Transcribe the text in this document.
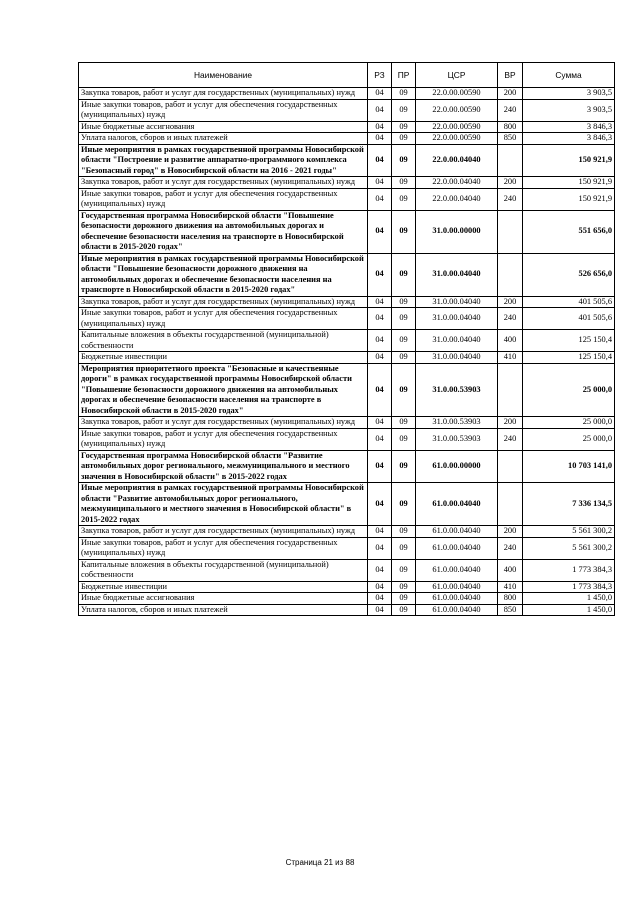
Наименование	РЗ	ПР	ЦСР	ВР	Сумма
Закупка товаров, работ и услуг для государственных (муниципальных) нужд	04	09	22.0.00.00590	200	3 903,5
Иные закупки товаров, работ и услуг для обеспечения государственных (муниципальных) нужд	04	09	22.0.00.00590	240	3 903,5
Иные бюджетные ассигнования	04	09	22.0.00.00590	800	3 846,3
Уплата налогов, сборов и иных платежей	04	09	22.0.00.00590	850	3 846,3
Иные мероприятия в рамках государственной программы Новосибирской области "Построение и развитие аппаратно-программного комплекса "Безопасный город" в Новосибирской области на 2016 - 2021 годы"	04	09	22.0.00.04040		150 921,9
Закупка товаров, работ и услуг для государственных (муниципальных) нужд	04	09	22.0.00.04040	200	150 921,9
Иные закупки товаров, работ и услуг для обеспечения государственных (муниципальных) нужд	04	09	22.0.00.04040	240	150 921,9
Государственная программа Новосибирской области "Повышение безопасности дорожного движения на автомобильных дорогах и обеспечение безопасности населения на транспорте в Новосибирской области в 2015-2020 годах"	04	09	31.0.00.00000		551 656,0
Иные мероприятия в рамках государственной программы Новосибирской области "Повышение безопасности дорожного движения на автомобильных дорогах и обеспечение безопасности населения на транспорте в Новосибирской области в 2015-2020 годах"	04	09	31.0.00.04040		526 656,0
Закупка товаров, работ и услуг для государственных (муниципальных) нужд	04	09	31.0.00.04040	200	401 505,6
Иные закупки товаров, работ и услуг для обеспечения государственных (муниципальных) нужд	04	09	31.0.00.04040	240	401 505,6
Капитальные вложения в объекты государственной (муниципальной) собственности	04	09	31.0.00.04040	400	125 150,4
Бюджетные инвестиции	04	09	31.0.00.04040	410	125 150,4
Мероприятия приоритетного проекта "Безопасные и качественные дороги" в рамках государственной программы Новосибирской области "Повышение безопасности дорожного движения на автомобильных дорогах и обеспечение безопасности населения на транспорте в Новосибирской области в 2015-2020 годах"	04	09	31.0.00.53903		25 000,0
Закупка товаров, работ и услуг для государственных (муниципальных) нужд	04	09	31.0.00.53903	200	25 000,0
Иные закупки товаров, работ и услуг для обеспечения государственных (муниципальных) нужд	04	09	31.0.00.53903	240	25 000,0
Государственная программа Новосибирской области "Развитие автомобильных дорог регионального, межмуниципального и местного значения в Новосибирской области" в 2015-2022 годах	04	09	61.0.00.00000		10 703 141,0
Иные мероприятия в рамках государственной программы Новосибирской области "Развитие автомобильных дорог регионального, межмуниципального и местного значения в Новосибирской области" в 2015-2022 годах	04	09	61.0.00.04040		7 336 134,5
Закупка товаров, работ и услуг для государственных (муниципальных) нужд	04	09	61.0.00.04040	200	5 561 300,2
Иные закупки товаров, работ и услуг для обеспечения государственных (муниципальных) нужд	04	09	61.0.00.04040	240	5 561 300,2
Капитальные вложения в объекты государственной (муниципальной) собственности	04	09	61.0.00.04040	400	1 773 384,3
Бюджетные инвестиции	04	09	61.0.00.04040	410	1 773 384,3
Иные бюджетные ассигнования	04	09	61.0.00.04040	800	1 450,0
Уплата налогов, сборов и иных платежей	04	09	61.0.00.04040	850	1 450,0
Страница 21 из 88
